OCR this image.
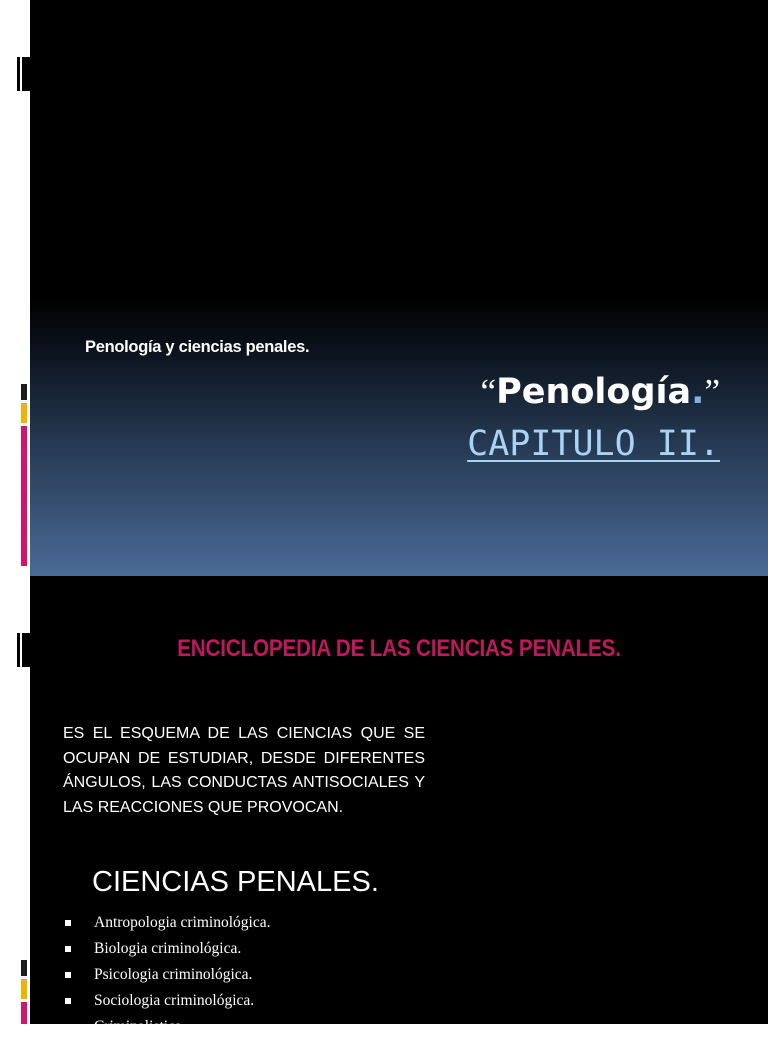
Penología y ciencias penales.
“Penología.”
CAPITULO II.
ENCICLOPEDIA DE LAS CIENCIAS PENALES.
ES EL ESQUEMA DE LAS CIENCIAS QUE SE OCUPAN DE ESTUDIAR, DESDE DIFERENTES ÁNGULOS, LAS CONDUCTAS ANTISOCIALES Y LAS REACCIONES QUE PROVOCAN.
CIENCIAS PENALES.
Antropologia criminológica.
Biologia criminológica.
Psicologia criminológica.
Sociologia criminológica.
Criminalistica
